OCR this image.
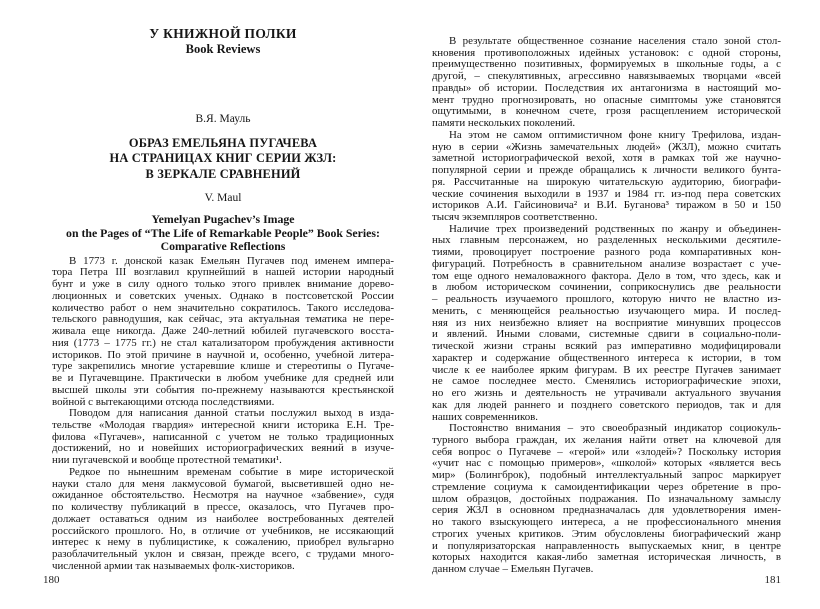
У КНИЖНОЙ ПОЛКИ
Book Reviews
В.Я. Мауль
ОБРАЗ ЕМЕЛЬЯНА ПУГАЧЕВА
НА СТРАНИЦАХ КНИГ СЕРИИ ЖЗЛ:
В ЗЕРКАЛЕ СРАВНЕНИЙ
V. Maul
Yemelyan Pugachev’s Image
on the Pages of “The Life of Remarkable People” Book Series:
Comparative Reflections
В 1773 г. донской казак Емельян Пугачев под именем импера-
тора Петра III возглавил крупнейший в нашей истории народный
бунт и уже в силу одного только этого привлек внимание дорево-
люционных и советских ученых. Однако в постсоветской России
количество работ о нем значительно сократилось. Такого исследова-
тельского равнодушия, как сейчас, эта актуальная тематика не пере-
живала еще никогда. Даже 240-летний юбилей пугачевского восста-
ния (1773 – 1775 гг.) не стал катализатором пробуждения активности
историков. По этой причине в научной и, особенно, учебной литера-
туре закрепились многие устаревшие клише и стереотипы о Пугаче-
ве и Пугачевщине. Практически в любом учебнике для средней или
высшей школы эти события по-прежнему называются крестьянской
войной с вытекающими отсюда последствиями.
Поводом для написания данной статьи послужил выход в изда-
тельстве «Молодая гвардия» интересной книги историка Е.Н. Тре-
филова «Пугачев», написанной с учетом не только традиционных
достижений, но и новейших историографических веяний в изуче-
нии пугачевской и вообще протестной тематики¹.
Редкое по нынешним временам событие в мире исторической
науки стало для меня лакмусовой бумагой, высветившей одно не-
ожиданное обстоятельство. Несмотря на научное «забвение», судя
по количеству публикаций в прессе, оказалось, что Пугачев про-
должает оставаться одним из наиболее востребованных деятелей
российского прошлого. Но, в отличие от учебников, не иссякающий
интерес к нему в публицистике, к сожалению, приобрел вульгарно
разоблачительный уклон и связан, прежде всего, с трудами много-
численной армии так называемых фолк-хисториков.
В результате общественное сознание населения стало зоной стол-
кновения противоположных идейных установок: с одной стороны,
преимущественно позитивных, формируемых в школьные годы, а с
другой, – спекулятивных, агрессивно навязываемых творцами «всей
правды» об истории. Последствия их антагонизма в настоящий мо-
мент трудно прогнозировать, но опасные симптомы уже становятся
ощутимыми, в конечном счете, грозя расщеплением исторической
памяти нескольких поколений.
На этом не самом оптимистичном фоне книгу Трефилова, издан-
ную в серии «Жизнь замечательных людей» (ЖЗЛ), можно считать
заметной историографической вехой, хотя в рамках той же научно-
популярной серии и прежде обращались к личности великого бунта-
ря. Рассчитанные на широкую читательскую аудиторию, биографи-
ческие сочинения выходили в 1937 и 1984 гг. из-под пера советских
историков А.И. Гайсиновича² и В.И. Буганова³ тиражом в 50 и 150
тысяч экземпляров соответственно.
Наличие трех произведений родственных по жанру и объединен-
ных главным персонажем, но разделенных несколькими десятиле-
тиями, провоцирует построение разного рода компаративных кон-
фигураций. Потребность в сравнительном анализе возрастает с уче-
том еще одного немаловажного фактора. Дело в том, что здесь, как и
в любом историческом сочинении, соприкоснулись две реальности
– реальность изучаемого прошлого, которую ничто не властно из-
менить, с меняющейся реальностью изучающего мира. И послед-
няя из них неизбежно влияет на восприятие минувших процессов
и явлений. Иными словами, системные сдвиги в социально-поли-
тической жизни страны всякий раз императивно модифицировали
характер и содержание общественного интереса к истории, в том
числе к ее наиболее ярким фигурам. В их реестре Пугачев занимает
не самое последнее место. Сменялись историографические эпохи,
но его жизнь и деятельность не утрачивали актуального звучания
как для людей раннего и позднего советского периодов, так и для
наших современников.
Постоянство внимания – это своеобразный индикатор социокуль-
турного выбора граждан, их желания найти ответ на ключевой для
себя вопрос о Пугачеве – «герой» или «злодей»? Поскольку история
«учит нас с помощью примеров», «школой» которых «является весь
мир» (Болингброк), подобный интеллектуальный запрос маркирует
стремление социума к самоидентификации через обретение в про-
шлом образцов, достойных подражания. По изначальному замыслу
серия ЖЗЛ в основном предназначалась для удовлетворения имен-
но такого взыскующего интереса, а не профессионального мнения
строгих ученых критиков. Этим обусловлены биографический жанр
и популяризаторская направленность выпускаемых книг, в центре
которых находится какая-либо заметная историческая личность, в
данном случае – Емельян Пугачев.
180	181
